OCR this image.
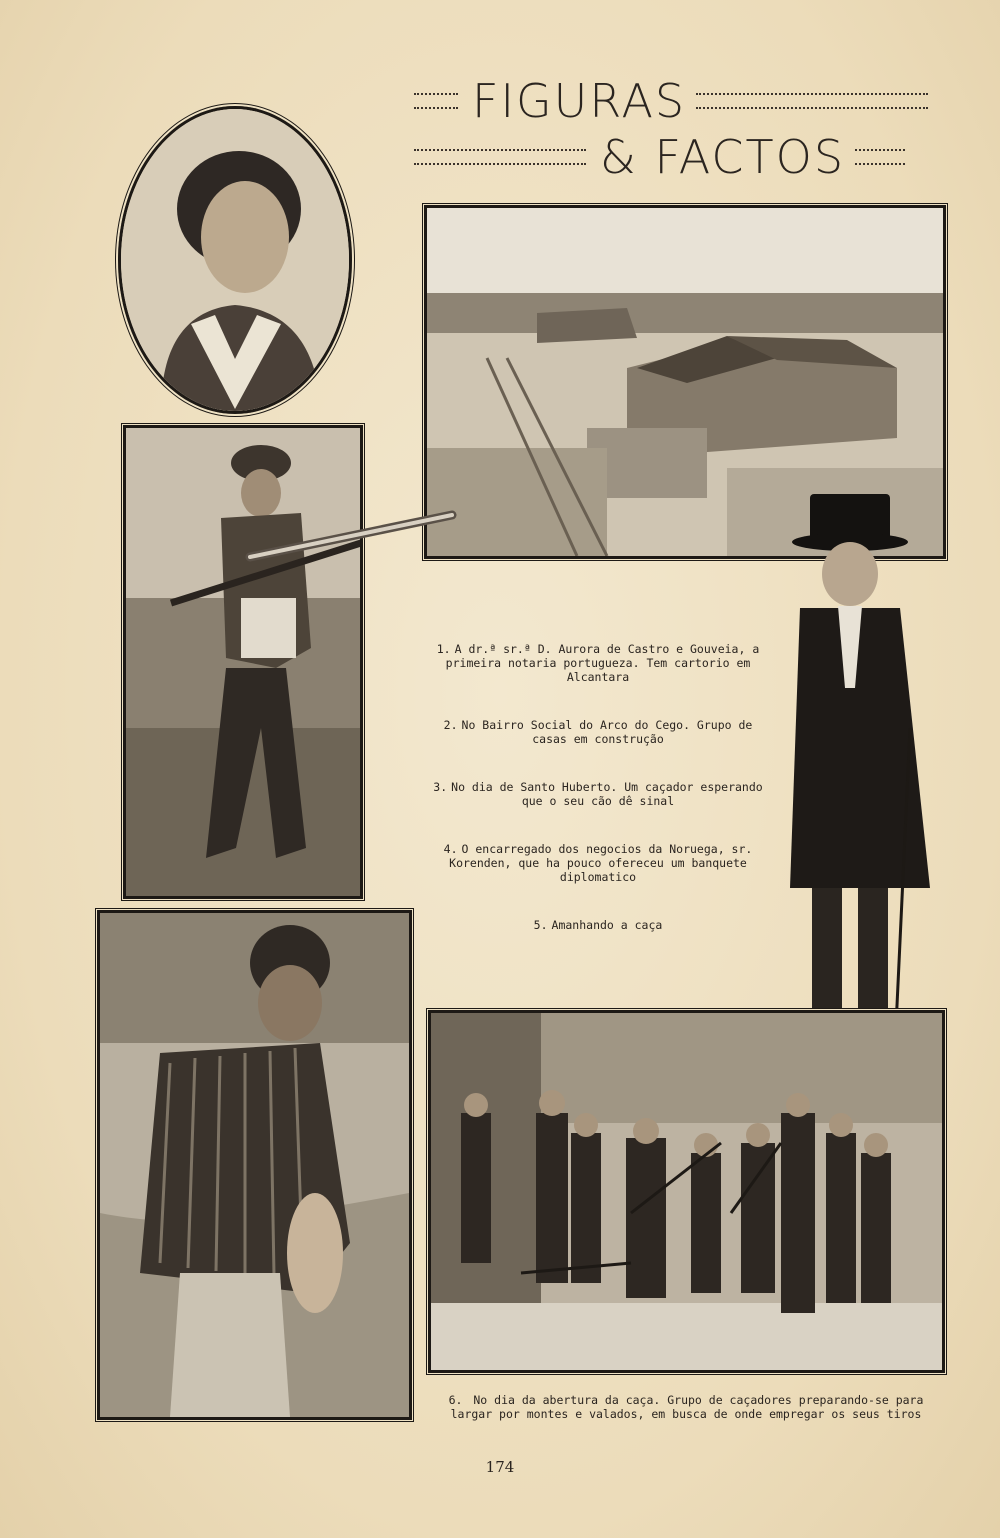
FIGURAS
& FACTOS

1. A dr.ª sr.ª D. Aurora de Castro e Gouveia, a primeira notaria portugueza. Tem cartorio em Alcantara

2. No Bairro Social do Arco do Cego. Grupo de casas em construção

3. No dia de Santo Huberto. Um caçador esperando que o seu cão dê sinal

4. O encarregado dos negocios da Noruega, sr. Korenden, que ha pouco ofereceu um banquete diplomatico

5. Amanhando a caça

6. No dia da abertura da caça. Grupo de caçadores preparando-se para largar por montes e valados, em busca de onde empregar os seus tiros

174
